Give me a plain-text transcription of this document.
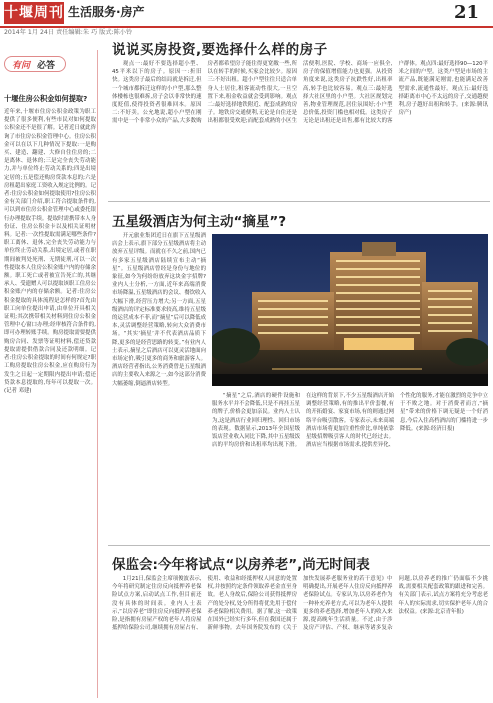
十堰周刊 生活服务·房产	21
2014年 1月 24日 责任编辑:朱 巧 版式:陈小铃
有问 必答
十堰住房公积金如何提取?
近年来,十堰市住房公积金政策为职工提供了很多便利,有些市民对如何提取公积金还不是很了解。记者近日就此咨询了市住房公积金管理中心。住房公积金可以在以下几种情况下提取:一是购买、建造、翻建、大修自住住房的;二是离休、退休的;三是完全丧失劳动能力,并与单位终止劳动关系的;四是出境定居的;五是偿还购房贷款本息的;六是房租超出家庭工资收入规定比例的。记者:住房公积金如何提取使用?住房公积金有关部门介绍,职工符合提取条件的,可以到市住房公积金管理中心或委托银行办理提取手续。提取时需携带本人身份证、住房公积金卡以及相关证明材料。记者:一次性提取需满足哪些条件?职工离休、退休,完全丧失劳动能力与单位终止劳动关系,出境定居,或者在职期间被判处死刑、无期徒刑,可以一次性提取本人住房公积金账户内的存储余额。职工死亡或者被宣告死亡的,其继承人、受遗赠人可以提取该职工住房公积金账户内的存储余额。记者:住房公积金提取的具体流程是怎样的?首先由职工向单位提出申请,由单位开具相关证明;其次携带相关材料到住房公积金管理中心窗口办理;经审核符合条件的,即可办理转账手续。购房提取需要提供购房合同、发票等证明材料,偿还贷款提取需提供借款合同及还款明细。记者:住房公积金提取的时间有何规定?职工购房提取住房公积金,应在购房行为发生之日起一定期限内提出申请;偿还贷款本息提取的,每年可以提取一次。(记者 邓建)
说说买房投资,要选择什么样的房子

观点一:最好不要选择超小型、45平米以下的房子。原因一:折旧快。这类房子最后的结局就是拆迁,但一个城市都拆迁这样的小户型,那么整体楼栋也很难拆,房子会以非常快的速度贬值,使得投资者很难回本。原因二:不好卖。公允地说,超小户型在刚需中是一个非常小众的产品,大多数购房者都希望房子能住得更宽敞一些,所以在转手的时候,买家会比较少。原因三:不好出租。超小户型往往只适合单身人士居住,租客流动性很大,一旦空置下来,租金收益就会受到影响。观点二:最好选择地铁附近、配套成熟的房子。地铁房交通便利,无论是自住还是出租都很受欢迎;而配套成熟的小区生活便利,医院、学校、商场一应俱全,房子的保值增值能力也更强。从投资角度来说,这类房子抗跌性好,出租率高,转手也比较容易。观点三:最好选择大社区里的小户型。大社区规划完善,物业管理规范,居住氛围好;小户型总价低,投资门槛也相对低。这类房子无论是出租还是出售,都有比较大的客户群体。观点四:最好选择90—120平米之间的户型。这类户型是市场的主流产品,既能满足刚需,也能满足改善型需求,流通性最好。观点五:最好选择距离市中心不太远的房子,交通越便利,房子越好出租和转手。(来源:腾讯房产)

五星级酒店为何主动“摘星”?

开元旅业集团近日在旗下五星级酒店会上表示,旗下部分五星级酒店将主动放弃五星评级。而就在不久之前,国内已有多家五星级酒店陆续宣布主动“摘星”。五星级酒店曾经是身份与地位的象征,如今为何纷纷放弃这块金字招牌?业内人士分析,一方面,近年来高端消费市场降温,五星级酒店的会议、餐饮收入大幅下滑,经营压力增大;另一方面,五星级酒店的评定标准要求较高,维持五星级的运营成本不菲,而“摘星”后可以降低成本,灵活调整经营策略,转向大众消费市场。“其实‘摘星’并不代表酒店品质下降,更多的是经营思路的转变。”有业内人士表示,摘星之后酒店可以更灵活地面向市场定价,吸引更多的商务和旅游客人。酒店经营者指出,公务消费曾是五星级酒店的主要收入来源之一,如今这部分消费大幅萎缩,倒逼酒店转型。

“摘星”之后,酒店的硬件设施和服务水平并不会降低,只是不再挂五星的牌子,价格会更加亲民。业内人士认为,这是酒店行业回归理性、回归市场的表现。数据显示,2013年全国星级饭店营业收入同比下降,其中五星级饭店的平均房价和出租率均出现下滑。在这样的背景下,不少五星级酒店开始调整经营策略,有的推出平价套餐,有的开拓婚宴、家宴市场,有的则通过网络平台吸引散客。专家表示,未来高端酒店市场将更加注重性价比,单纯依靠星级招牌吸引客人的时代已经过去。酒店应当根据市场需求,提供差异化、个性化的服务,才能在激烈的竞争中立于不败之地。对于消费者而言,“摘星”带来的价格下调无疑是一个好消息,今后入住高档酒店的门槛将进一步降低。(来源:经济日报)

保监会:今年将试点“以房养老”,尚无时间表

1月21日,保监会主席项俊波表示,今年将研究制定住房反向抵押养老保险试点方案,启动试点工作,但目前还没有具体的时间表。业内人士表示,“以房养老”即住房反向抵押养老保险,是指拥有房屋产权的老年人将房屋抵押给保险公司,继续拥有房屋占有、使用、收益和经抵押权人同意的处置权,并按照约定条件领取养老金直至身故。老人身故后,保险公司获得抵押房产的处分权,处分所得将优先用于偿付养老保险相关费用。据了解,这一政策在国外已经实行多年,但在我国还属于新鲜事物。去年国务院发布的《关于加快发展养老服务业的若干意见》中明确提出,开展老年人住房反向抵押养老保险试点。专家认为,以房养老作为一种补充养老方式,可以为老年人提供更多的养老选择,增加老年人的收入来源,提高晚年生活质量。不过,由于涉及房产评估、产权、继承等诸多复杂问题,以房养老的推广仍面临不少挑战,需要相关配套政策的跟进和完善。有关部门表示,试点方案将充分考虑老年人的实际需求,切实保护老年人的合法权益。(来源:北京青年报)
